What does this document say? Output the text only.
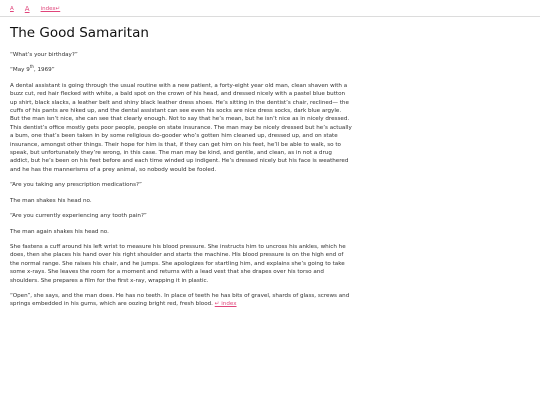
A A index↵
The Good Samaritan

“What’s your birthday?”

“May 9th, 1969”

A dental assistant is going through the usual routine with a new patient, a forty-eight year old man, clean shaven with a buzz cut, red hair flecked with white, a bald spot on the crown of his head, and dressed nicely with a pastel blue button up shirt, black slacks, a leather belt and shiny black leather dress shoes. He’s sitting in the dentist’s chair, reclined— the cuffs of his pants are hiked up, and the dental assistant can see even his socks are nice dress socks, dark blue argyle. But the man isn’t nice, she can see that clearly enough. Not to say that he’s mean, but he isn’t nice as in nicely dressed. This dentist’s office mostly gets poor people, people on state insurance. The man may be nicely dressed but he’s actually a bum, one that’s been taken in by some religious do-gooder who’s gotten him cleaned up, dressed up, and on state insurance, amongst other things. Their hope for him is that, if they can get him on his feet, he’ll be able to walk, so to speak, but unfortunately they’re wrong, in this case. The man may be kind, and gentle, and clean, as in not a drug addict, but he’s been on his feet before and each time winded up indigent. He’s dressed nicely but his face is weathered and he has the mannerisms of a prey animal, so nobody would be fooled.

“Are you taking any prescription medications?”

The man shakes his head no.

“Are you currently experiencing any tooth pain?”

The man again shakes his head no.

She fastens a cuff around his left wrist to measure his blood pressure. She instructs him to uncross his ankles, which he does, then she places his hand over his right shoulder and starts the machine. His blood pressure is on the high end of the normal range. She raises his chair, and he jumps. She apologizes for startling him, and explains she’s going to take some x-rays. She leaves the room for a moment and returns with a lead vest that she drapes over his torso and shoulders. She prepares a film for the first x-ray, wrapping it in plastic.

“Open”, she says, and the man does. He has no teeth. In place of teeth he has bits of gravel, shards of glass, screws and springs embedded in his gums, which are oozing bright red, fresh blood. ↵ index
